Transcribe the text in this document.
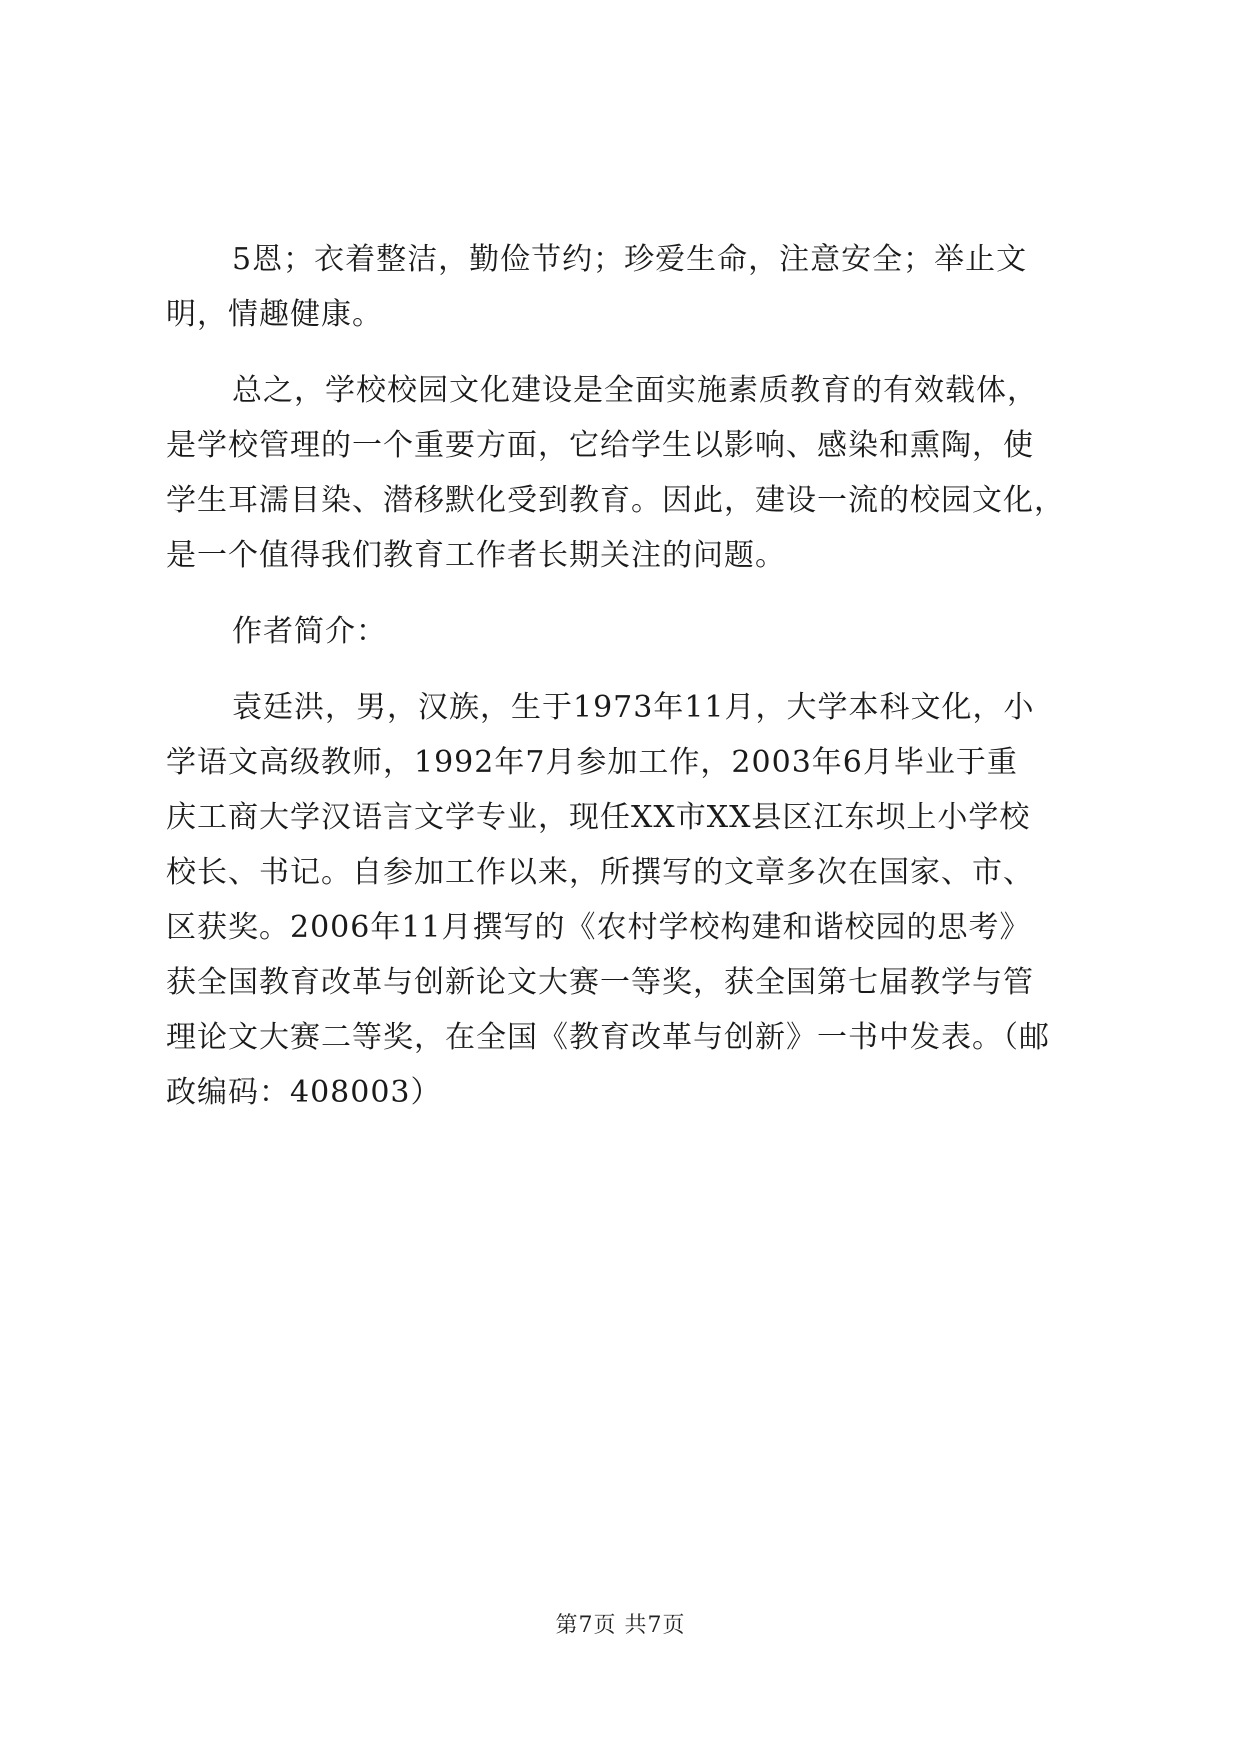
5恩；衣着整洁，勤俭节约；珍爱生命，注意安全；举止文
明，情趣健康。
总之，学校校园文化建设是全面实施素质教育的有效载体，
是学校管理的一个重要方面，它给学生以影响、感染和熏陶，使
学生耳濡目染、潜移默化受到教育。因此，建设一流的校园文化，
是一个值得我们教育工作者长期关注的问题。
作者简介：
袁廷洪，男，汉族，生于1973年11月，大学本科文化，小
学语文高级教师，1992年7月参加工作，2003年6月毕业于重
庆工商大学汉语言文学专业，现任XX市XX县区江东坝上小学校
校长、书记。自参加工作以来，所撰写的文章多次在国家、市、
区获奖。2006年11月撰写的《农村学校构建和谐校园的思考》
获全国教育改革与创新论文大赛一等奖，获全国第七届教学与管
理论文大赛二等奖，在全国《教育改革与创新》一书中发表。（邮
政编码：408003）
第7页 共7页
